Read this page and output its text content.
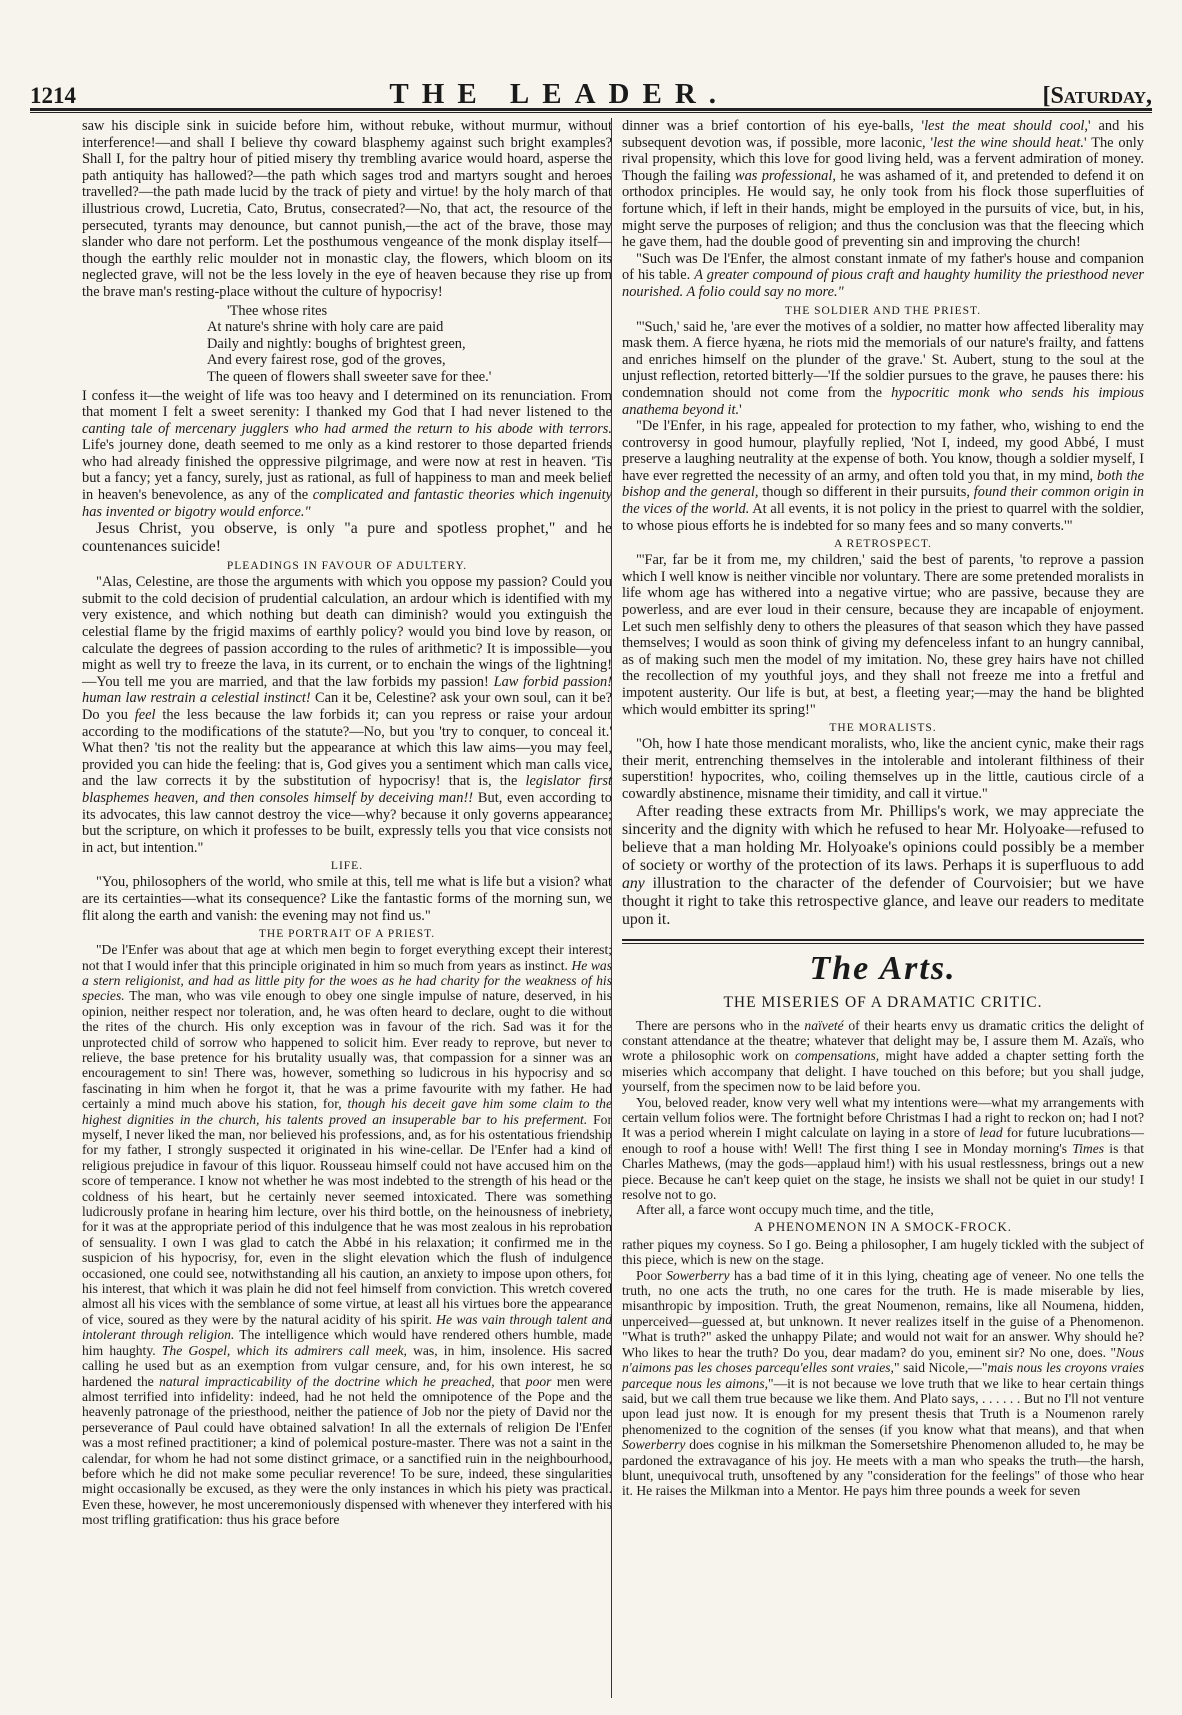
1214	THE LEADER.	[Saturday,

saw his disciple sink in suicide before him, without rebuke, without murmur, without interference!—and shall I believe thy coward blasphemy against such bright examples? Shall I, for the paltry hour of pitied misery thy trembling avarice would hoard, asperse the path antiquity has hallowed?—the path which sages trod and martyrs sought and heroes travelled?—the path made lucid by the track of piety and virtue! by the holy march of that illustrious crowd, Lucretia, Cato, Brutus, consecrated?—No, that act, the resource of the persecuted, tyrants may denounce, but cannot punish,—the act of the brave, those may slander who dare not perform. Let the posthumous vengeance of the monk display itself—though the earthly relic moulder not in monastic clay, the flowers, which bloom on its neglected grave, will not be the less lovely in the eye of heaven because they rise up from the brave man's resting-place without the culture of hypocrisy!

'Thee whose rites
At nature's shrine with holy care are paid
Daily and nightly: boughs of brightest green,
And every fairest rose, god of the groves,
The queen of flowers shall sweeter save for thee.'

I confess it—the weight of life was too heavy and I determined on its renunciation. From that moment I felt a sweet serenity: I thanked my God that I had never listened to the canting tale of mercenary jugglers who had armed the return to his abode with terrors. Life's journey done, death seemed to me only as a kind restorer to those departed friends who had already finished the oppressive pilgrimage, and were now at rest in heaven. 'Tis but a fancy; yet a fancy, surely, just as rational, as full of happiness to man and meek belief in heaven's benevolence, as any of the complicated and fantastic theories which ingenuity has invented or bigotry would enforce."

Jesus Christ, you observe, is only "a pure and spotless prophet," and he countenances suicide!

PLEADINGS IN FAVOUR OF ADULTERY.

"Alas, Celestine, are those the arguments with which you oppose my passion? Could you submit to the cold decision of prudential calculation, an ardour which is identified with my very existence, and which nothing but death can diminish? would you extinguish the celestial flame by the frigid maxims of earthly policy? would you bind love by reason, or calculate the degrees of passion according to the rules of arithmetic? It is impossible—you might as well try to freeze the lava, in its current, or to enchain the wings of the lightning!—You tell me you are married, and that the law forbids my passion! Law forbid passion! human law restrain a celestial instinct! Can it be, Celestine? ask your own soul, can it be? Do you feel the less because the law forbids it; can you repress or raise your ardour according to the modifications of the statute?—No, but you 'try to conquer, to conceal it.' What then? 'tis not the reality but the appearance at which this law aims—you may feel, provided you can hide the feeling: that is, God gives you a sentiment which man calls vice, and the law corrects it by the substitution of hypocrisy! that is, the legislator first blasphemes heaven, and then consoles himself by deceiving man!! But, even according to its advocates, this law cannot destroy the vice—why? because it only governs appearance; but the scripture, on which it professes to be built, expressly tells you that vice consists not in act, but intention."

LIFE.

"You, philosophers of the world, who smile at this, tell me what is life but a vision? what are its certainties—what its consequence? Like the fantastic forms of the morning sun, we flit along the earth and vanish: the evening may not find us."

THE PORTRAIT OF A PRIEST.

"De l'Enfer was about that age at which men begin to forget everything except their interest; not that I would infer that this principle originated in him so much from years as instinct. He was a stern religionist, and had as little pity for the woes as he had charity for the weakness of his species. The man, who was vile enough to obey one single impulse of nature, deserved, in his opinion, neither respect nor toleration, and, he was often heard to declare, ought to die without the rites of the church. His only exception was in favour of the rich. Sad was it for the unprotected child of sorrow who happened to solicit him. Ever ready to reprove, but never to relieve, the base pretence for his brutality usually was, that compassion for a sinner was an encouragement to sin! There was, however, something so ludicrous in his hypocrisy and so fascinating in him when he forgot it, that he was a prime favourite with my father. He had certainly a mind much above his station, for, though his deceit gave him some claim to the highest dignities in the church, his talents proved an insuperable bar to his preferment. For myself, I never liked the man, nor believed his professions, and, as for his ostentatious friendship for my father, I strongly suspected it originated in his wine-cellar. De l'Enfer had a kind of religious prejudice in favour of this liquor. Rousseau himself could not have accused him on the score of temperance. I know not whether he was most indebted to the strength of his head or the coldness of his heart, but he certainly never seemed intoxicated. There was something ludicrously profane in hearing him lecture, over his third bottle, on the heinousness of inebriety, for it was at the appropriate period of this indulgence that he was most zealous in his reprobation of sensuality. I own I was glad to catch the Abbé in his relaxation; it confirmed me in the suspicion of his hypocrisy, for, even in the slight elevation which the flush of indulgence occasioned, one could see, notwithstanding all his caution, an anxiety to impose upon others, for his interest, that which it was plain he did not feel himself from conviction. This wretch covered almost all his vices with the semblance of some virtue, at least all his virtues bore the appearance of vice, soured as they were by the natural acidity of his spirit. He was vain through talent and intolerant through religion. The intelligence which would have rendered others humble, made him haughty. The Gospel, which its admirers call meek, was, in him, insolence. His sacred calling he used but as an exemption from vulgar censure, and, for his own interest, he so hardened the natural impracticability of the doctrine which he preached, that poor men were almost terrified into infidelity: indeed, had he not held the omnipotence of the Pope and the heavenly patronage of the priesthood, neither the patience of Job nor the piety of David nor the perseverance of Paul could have obtained salvation! In all the externals of religion De l'Enfer was a most refined practitioner; a kind of polemical posture-master. There was not a saint in the calendar, for whom he had not some distinct grimace, or a sanctified ruin in the neighbourhood, before which he did not make some peculiar reverence! To be sure, indeed, these singularities might occasionally be excused, as they were the only instances in which his piety was practical. Even these, however, he most unceremoniously dispensed with whenever they interfered with his most trifling gratification: thus his grace before

dinner was a brief contortion of his eye-balls, 'lest the meat should cool,' and his subsequent devotion was, if possible, more laconic, 'lest the wine should heat.' The only rival propensity, which this love for good living held, was a fervent admiration of money. Though the failing was professional, he was ashamed of it, and pretended to defend it on orthodox principles. He would say, he only took from his flock those superfluities of fortune which, if left in their hands, might be employed in the pursuits of vice, but, in his, might serve the purposes of religion; and thus the conclusion was that the fleecing which he gave them, had the double good of preventing sin and improving the church!

"Such was De l'Enfer, the almost constant inmate of my father's house and companion of his table. A greater compound of pious craft and haughty humility the priesthood never nourished. A folio could say no more."

THE SOLDIER AND THE PRIEST.

"'Such,' said he, 'are ever the motives of a soldier, no matter how affected liberality may mask them. A fierce hyæna, he riots mid the memorials of our nature's frailty, and fattens and enriches himself on the plunder of the grave.' St. Aubert, stung to the soul at the unjust reflection, retorted bitterly—'If the soldier pursues to the grave, he pauses there: his condemnation should not come from the hypocritic monk who sends his impious anathema beyond it.'

"De l'Enfer, in his rage, appealed for protection to my father, who, wishing to end the controversy in good humour, playfully replied, 'Not I, indeed, my good Abbé, I must preserve a laughing neutrality at the expense of both. You know, though a soldier myself, I have ever regretted the necessity of an army, and often told you that, in my mind, both the bishop and the general, though so different in their pursuits, found their common origin in the vices of the world. At all events, it is not policy in the priest to quarrel with the soldier, to whose pious efforts he is indebted for so many fees and so many converts.'"

A RETROSPECT.

"'Far, far be it from me, my children,' said the best of parents, 'to reprove a passion which I well know is neither vincible nor voluntary. There are some pretended moralists in life whom age has withered into a negative virtue; who are passive, because they are powerless, and are ever loud in their censure, because they are incapable of enjoyment. Let such men selfishly deny to others the pleasures of that season which they have passed themselves; I would as soon think of giving my defenceless infant to an hungry cannibal, as of making such men the model of my imitation. No, these grey hairs have not chilled the recollection of my youthful joys, and they shall not freeze me into a fretful and impotent austerity. Our life is but, at best, a fleeting year;—may the hand be blighted which would embitter its spring!"

THE MORALISTS.

"Oh, how I hate those mendicant moralists, who, like the ancient cynic, make their rags their merit, entrenching themselves in the intolerable and intolerant filthiness of their superstition! hypocrites, who, coiling themselves up in the little, cautious circle of a cowardly abstinence, misname their timidity, and call it virtue."

After reading these extracts from Mr. Phillips's work, we may appreciate the sincerity and the dignity with which he refused to hear Mr. Holyoake—refused to believe that a man holding Mr. Holyoake's opinions could possibly be a member of society or worthy of the protection of its laws. Perhaps it is superfluous to add any illustration to the character of the defender of Courvoisier; but we have thought it right to take this retrospective glance, and leave our readers to meditate upon it.

The Arts.
THE MISERIES OF A DRAMATIC CRITIC.

There are persons who in the naïveté of their hearts envy us dramatic critics the delight of constant attendance at the theatre; whatever that delight may be, I assure them M. Azaïs, who wrote a philosophic work on compensations, might have added a chapter setting forth the miseries which accompany that delight. I have touched on this before; but you shall judge, yourself, from the specimen now to be laid before you.

You, beloved reader, know very well what my intentions were—what my arrangements with certain vellum folios were. The fortnight before Christmas I had a right to reckon on; had I not? It was a period wherein I might calculate on laying in a store of lead for future lucubrations—enough to roof a house with! Well! The first thing I see in Monday morning's Times is that Charles Mathews, (may the gods—applaud him!) with his usual restlessness, brings out a new piece. Because he can't keep quiet on the stage, he insists we shall not be quiet in our study! I resolve not to go.

After all, a farce wont occupy much time, and the title,

A PHENOMENON IN A SMOCK-FROCK.

rather piques my coyness. So I go. Being a philosopher, I am hugely tickled with the subject of this piece, which is new on the stage.

Poor Sowerberry has a bad time of it in this lying, cheating age of veneer. No one tells the truth, no one acts the truth, no one cares for the truth. He is made miserable by lies, misanthropic by imposition. Truth, the great Noumenon, remains, like all Noumena, hidden, unperceived—guessed at, but unknown. It never realizes itself in the guise of a Phenomenon. "What is truth?" asked the unhappy Pilate; and would not wait for an answer. Why should he? Who likes to hear the truth? Do you, dear madam? do you, eminent sir? No one, does. "Nous n'aimons pas les choses parcequ'elles sont vraies," said Nicole,—"mais nous les croyons vraies parceque nous les aimons,"—it is not because we love truth that we like to hear certain things said, but we call them true because we like them. And Plato says, . . . . . . But no I'll not venture upon lead just now. It is enough for my present thesis that Truth is a Noumenon rarely phenomenized to the cognition of the senses (if you know what that means), and that when Sowerberry does cognise in his milkman the Somersetshire Phenomenon alluded to, he may be pardoned the extravagance of his joy. He meets with a man who speaks the truth—the harsh, blunt, unequivocal truth, unsoftened by any "consideration for the feelings" of those who hear it. He raises the Milkman into a Mentor. He pays him three pounds a week for seven
